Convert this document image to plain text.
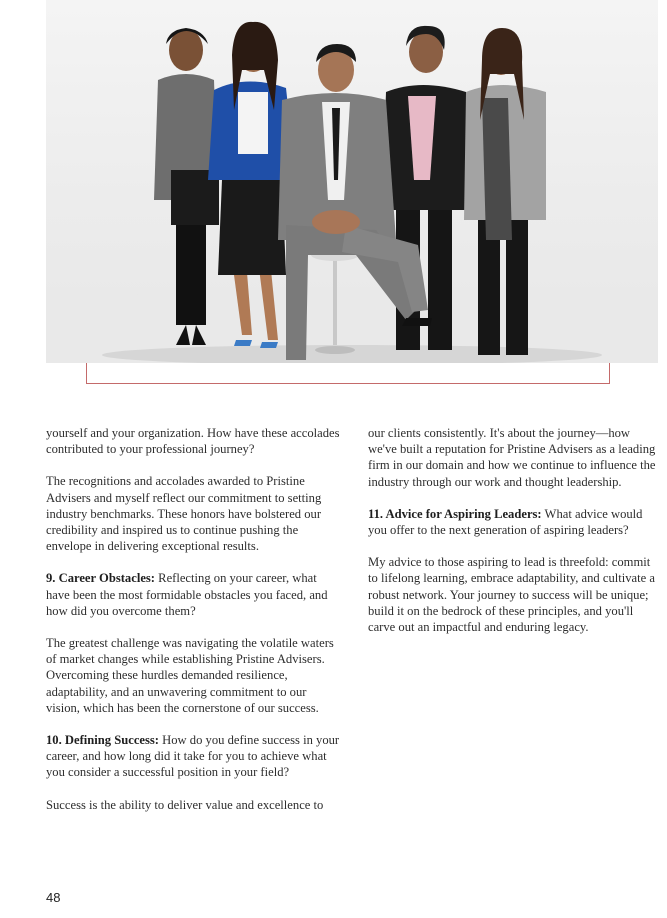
yourself and your organization. How have these accolades contributed to your professional journey?

The recognitions and accolades awarded to Pristine Advisers and myself reflect our commitment to setting industry benchmarks. These honors have bolstered our credibility and inspired us to continue pushing the envelope in delivering exceptional results.

9. Career Obstacles: Reflecting on your career, what have been the most formidable obstacles you faced, and how did you overcome them?

The greatest challenge was navigating the volatile waters of market changes while establishing Pristine Advisers. Overcoming these hurdles demanded resilience, adaptability, and an unwavering commitment to our vision, which has been the cornerstone of our success.

10. Defining Success: How do you define success in your career, and how long did it take for you to achieve what you consider a successful position in your field?

Success is the ability to deliver value and excellence to

our clients consistently. It's about the journey—how we've built a reputation for Pristine Advisers as a leading firm in our domain and how we continue to influence the industry through our work and thought leadership.

11. Advice for Aspiring Leaders: What advice would you offer to the next generation of aspiring leaders?

My advice to those aspiring to lead is threefold: commit to lifelong learning, embrace adaptability, and cultivate a robust network. Your journey to success will be unique; build it on the bedrock of these principles, and you'll carve out an impactful and enduring legacy.

48
